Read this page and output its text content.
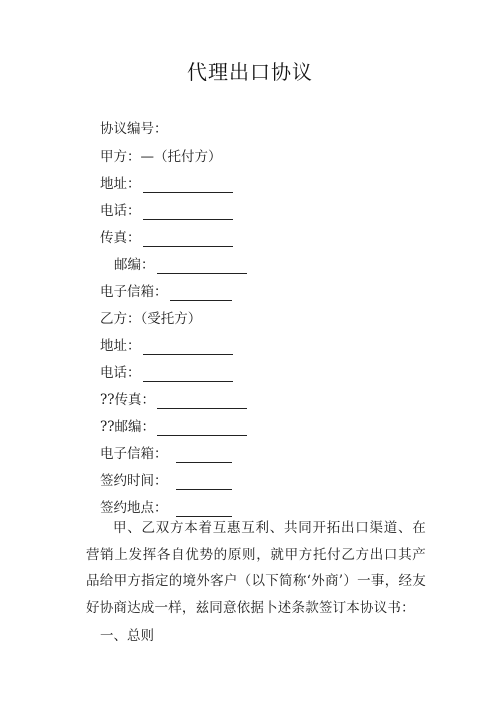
代理出口协议
协议编号：
甲方：—（托付方）
地址：
电话：
传真：
邮编：
电子信箱：
乙方：（受托方）
地址：
电话：
??传真：
??邮编：
电子信箱：
签约时间：
签约地点：
甲、乙双方本着互惠互利、共同开拓出口渠道、在营销上发挥各自优势的原则，就甲方托付乙方出口其产品给甲方指定的境外客户（以下简称‘外商’）一事，经友好协商达成一样，兹同意依据卜述条款签订本协议书：
一、总则
